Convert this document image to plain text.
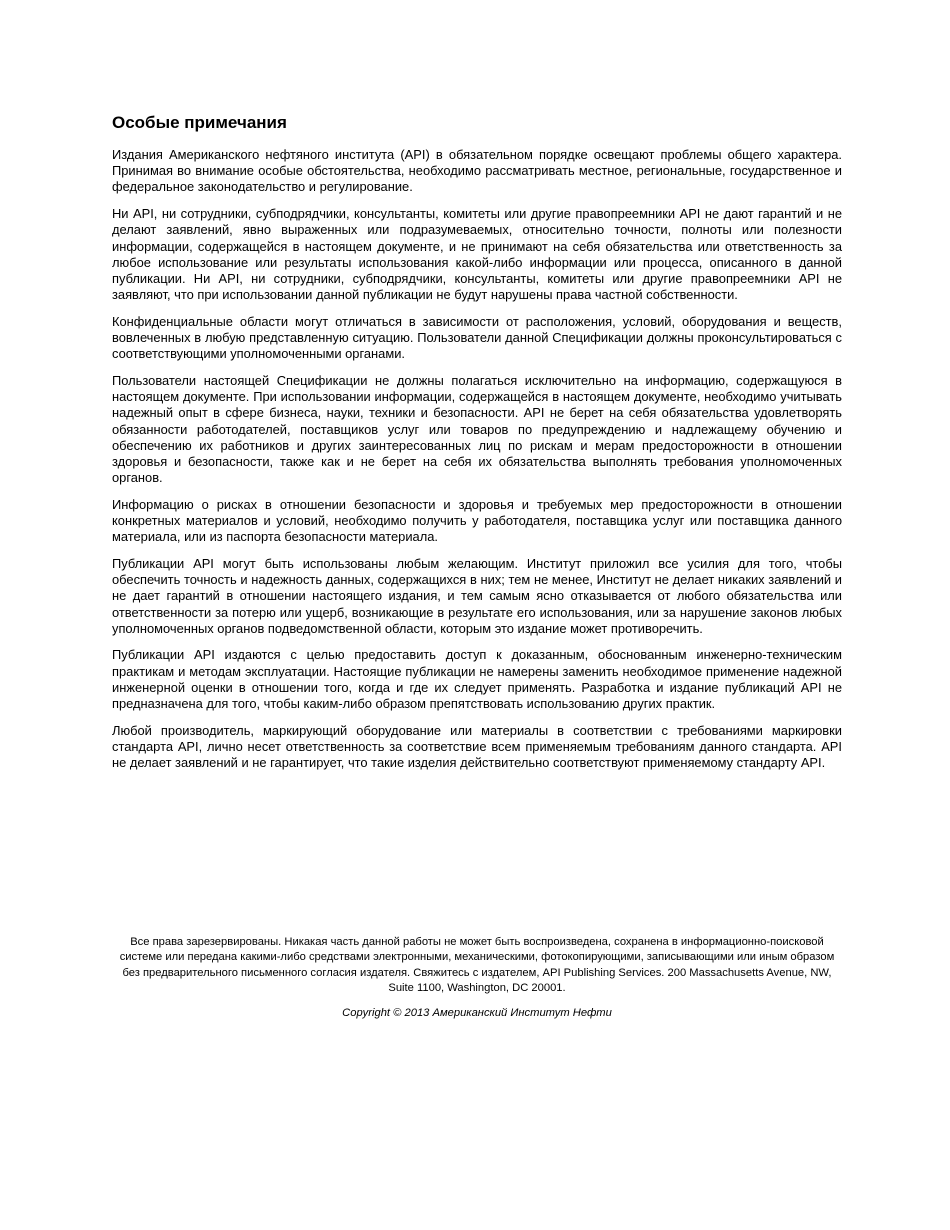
Особые примечания

Издания Американского нефтяного института (API) в обязательном порядке освещают проблемы общего характера. Принимая во внимание особые обстоятельства, необходимо рассматривать местное, региональные, государственное и федеральное законодательство и регулирование.

Ни API, ни сотрудники, субподрядчики, консультанты, комитеты или другие правопреемники API не дают гарантий и не делают заявлений, явно выраженных или подразумеваемых, относительно точности, полноты или полезности информации, содержащейся в настоящем документе, и не принимают на себя обязательства или ответственность за любое использование или результаты использования какой-либо информации или процесса, описанного в данной публикации. Ни API, ни сотрудники, субподрядчики, консультанты, комитеты или другие правопреемники API не заявляют, что при использовании данной публикации не будут нарушены права частной собственности.

Конфиденциальные области могут отличаться в зависимости от расположения, условий, оборудования и веществ, вовлеченных в любую представленную ситуацию. Пользователи данной Спецификации должны проконсультироваться с соответствующими уполномоченными органами.

Пользователи настоящей Спецификации не должны полагаться исключительно на информацию, содержащуюся в настоящем документе. При использовании информации, содержащейся в настоящем документе, необходимо учитывать надежный опыт в сфере бизнеса, науки, техники и безопасности. API не берет на себя обязательства удовлетворять обязанности работодателей, поставщиков услуг или товаров по предупреждению и надлежащему обучению и обеспечению их работников и других заинтересованных лиц по рискам и мерам предосторожности в отношении здоровья и безопасности, также как и не берет на себя их обязательства выполнять требования уполномоченных органов.

Информацию о рисках в отношении безопасности и здоровья и требуемых мер предосторожности в отношении конкретных материалов и условий, необходимо получить у работодателя, поставщика услуг или поставщика данного материала, или из паспорта безопасности материала.

Публикации API могут быть использованы любым желающим. Институт приложил все усилия для того, чтобы обеспечить точность и надежность данных, содержащихся в них; тем не менее, Институт не делает никаких заявлений и не дает гарантий в отношении настоящего издания, и тем самым ясно отказывается от любого обязательства или ответственности за потерю или ущерб, возникающие в результате его использования, или за нарушение законов любых уполномоченных органов подведомственной области, которым это издание может противоречить.

Публикации API издаются с целью предоставить доступ к доказанным, обоснованным инженерно-техническим практикам и методам эксплуатации. Настоящие публикации не намерены заменить необходимое применение надежной инженерной оценки в отношении того, когда и где их следует применять. Разработка и издание публикаций API не предназначена для того, чтобы каким-либо образом препятствовать использованию других практик.

Любой производитель, маркирующий оборудование или материалы в соответствии с требованиями маркировки стандарта API, лично несет ответственность за соответствие всем применяемым требованиям данного стандарта. API не делает заявлений и не гарантирует, что такие изделия действительно соответствуют применяемому стандарту API.

Все права зарезервированы. Никакая часть данной работы не может быть воспроизведена, сохранена в информационно-поисковой системе или передана какими-либо средствами электронными, механическими, фотокопирующими, записывающими или иным образом без предварительного письменного согласия издателя. Свяжитесь с издателем, API Publishing Services. 200 Massachusetts Avenue, NW, Suite 1100, Washington, DC 20001.
Copyright © 2013 Американский Институт Нефти
